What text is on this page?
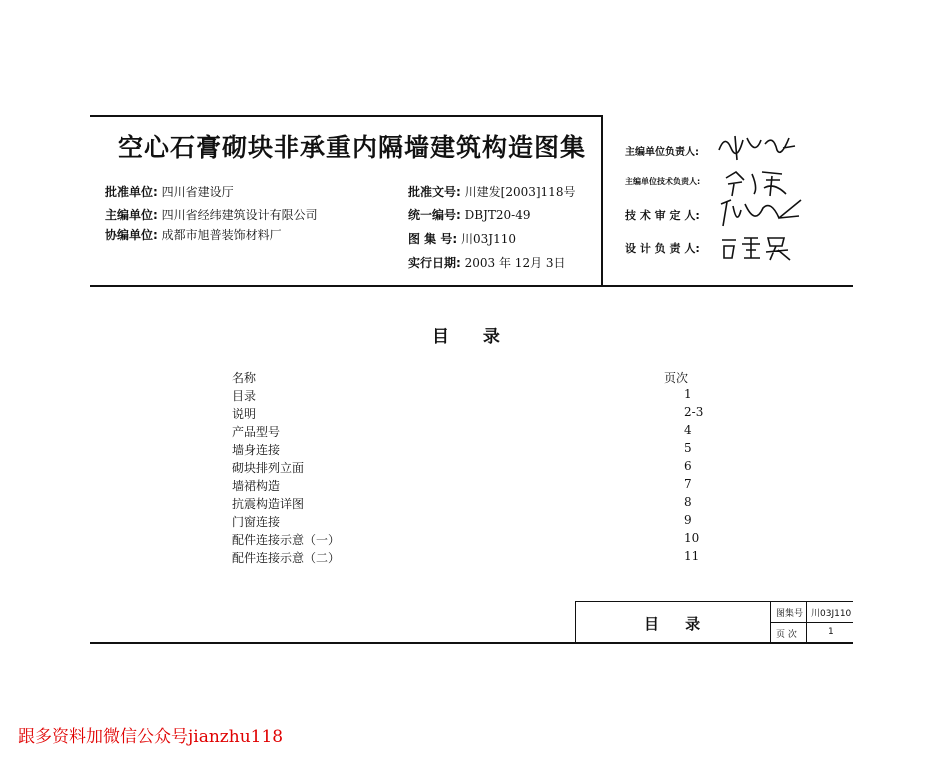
空心石膏砌块非承重内隔墙建筑构造图集
批准单位: 四川省建设厅
主编单位: 四川省经纬建筑设计有限公司
协编单位: 成都市旭普装饰材料厂
批准文号: 川建发[2003]118号
统一编号: DBJT20-49
图 集 号: 川03J110
实行日期: 2003 年 12月 3日
主编单位负责人:
主编单位技术负责人:
技 术 审 定 人:
设 计 负 责 人:
目 录
名称	页次
目录	1
说明	2-3
产品型号	4
墙身连接	5
砌块排列立面	6
墙裙构造	7
抗震构造详图	8
门窗连接	9
配件连接示意（一）	10
配件连接示意（二）	11
目     录
图集号 川03J110
页 次	1
跟多资料加微信公众号jianzhu118
